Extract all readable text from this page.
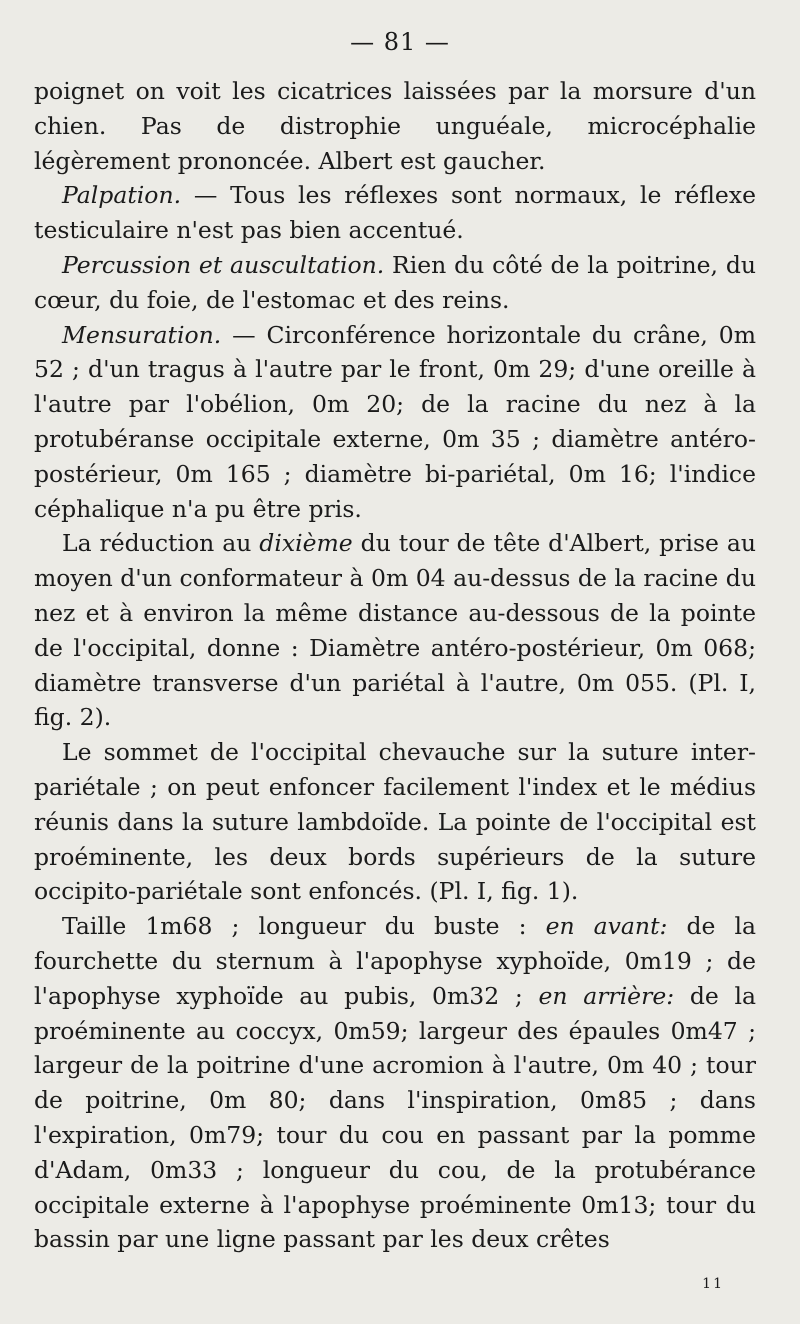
— 81 —

poignet on voit les cicatrices laissées par la morsure d'un chien. Pas de distrophie unguéale, microcéphalie légèrement prononcée. Albert est gaucher.

Palpation. — Tous les réflexes sont normaux, le réflexe testiculaire n'est pas bien accentué.

Percussion et auscultation. Rien du côté de la poitrine, du cœur, du foie, de l'estomac et des reins.

Mensuration. — Circonférence horizontale du crâne, 0m 52 ; d'un tragus à l'autre par le front, 0m 29; d'une oreille à l'autre par l'obélion, 0m 20; de la racine du nez à la protubéranse occipitale externe, 0m 35 ; diamètre antéro-postérieur, 0m 165 ; diamètre bi-pariétal, 0m 16; l'indice céphalique n'a pu être pris.

La réduction au dixième du tour de tête d'Albert, prise au moyen d'un conformateur à 0m 04 au-dessus de la racine du nez et à environ la même distance au-dessous de la pointe de l'occipital, donne : Diamètre antéro-postérieur, 0m 068; diamètre transverse d'un pariétal à l'autre, 0m 055. (Pl. I, fig. 2).

Le sommet de l'occipital chevauche sur la suture inter-pariétale ; on peut enfoncer facilement l'index et le médius réunis dans la suture lambdoïde. La pointe de l'occipital est proéminente, les deux bords supérieurs de la suture occipito-pariétale sont enfoncés. (Pl. I, fig. 1).

Taille 1m68 ; longueur du buste : en avant: de la fourchette du sternum à l'apophyse xyphoïde, 0m19 ; de l'apophyse xyphoïde au pubis, 0m32 ; en arrière: de la proéminente au coccyx, 0m59; largeur des épaules 0m47 ; largeur de la poitrine d'une acromion à l'autre, 0m 40 ; tour de poitrine, 0m 80; dans l'inspiration, 0m85 ; dans l'expiration, 0m79; tour du cou en passant par la pomme d'Adam, 0m33 ; longueur du cou, de la protubérance occipitale externe à l'apophyse proéminente 0m13; tour du bassin par une ligne passant par les deux crêtes

11
